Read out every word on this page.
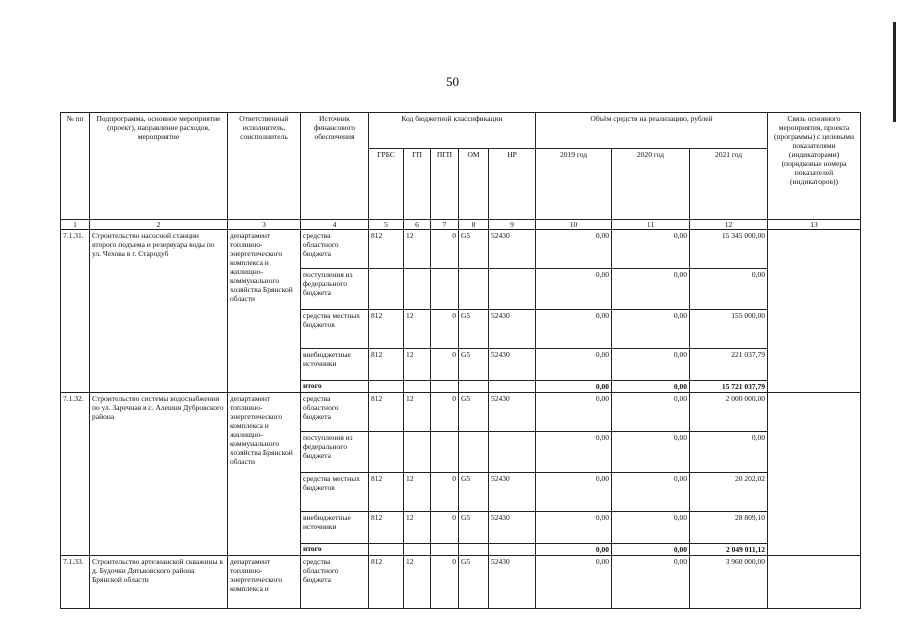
50
№ пп	Подпрограмма, основное мероприятие (проект), направление расходов, мероприятие	Ответственный исполнитель, соисполнитель	Источник финансового обеспечения	Код бюджетной классификации					Объём средств на реализацию, рублей			Связь основного мероприятия, проекта (программы) с целевыми показателями (индикаторами) (порядковые номера показателей (индикаторов))
				ГРБС	ГП	ПГП	ОМ	НР	2019 год	2020 год	2021 год	
1	2	3	4	5	6	7	8	9	10	11	12	13
7.1.31.	Строительство насосной станции второго подъема и резервуара воды по ул. Чехова в г. Стародуб	департамент топливно-энергетического комплекса и жилищно-коммунального хозяйства Брянской области	средства областного бюджета	812	12	0	G5	52430	0,00	0,00	15 345 000,00	
			поступления из федерального бюджета						0,00	0,00	0,00	
			средства местных бюджетов	812	12	0	G5	52430	0,00	0,00	155 000,00	
			внебюджетные источники	812	12	0	G5	52430	0,00	0,00	221 037,79	
			итого						0,00	0,00	15 721 037,79	
7.1.32.	Строительство системы водоснабжения по ул. Заречная в с. Алешня Дубровского района	департамент топливно-энергетического комплекса и жилищно-коммунального хозяйства Брянской области	средства областного бюджета	812	12	0	G5	52430	0,00	0,00	2 000 000,00	
			поступления из федерального бюджета						0,00	0,00	0,00	
			средства местных бюджетов	812	12	0	G5	52430	0,00	0,00	20 202,02	
			внебюджетные источники	812	12	0	G5	52430	0,00	0,00	28 809,10	
			итого						0,00	0,00	2 049 011,12	
7.1.33.	Строительство артезианской скважины в д. Будочки Дятьковского района Брянской области	департамент топливно-энергетического комплекса и	средства областного бюджета	812	12	0	G5	52430	0,00	0,00	3 960 000,00	
